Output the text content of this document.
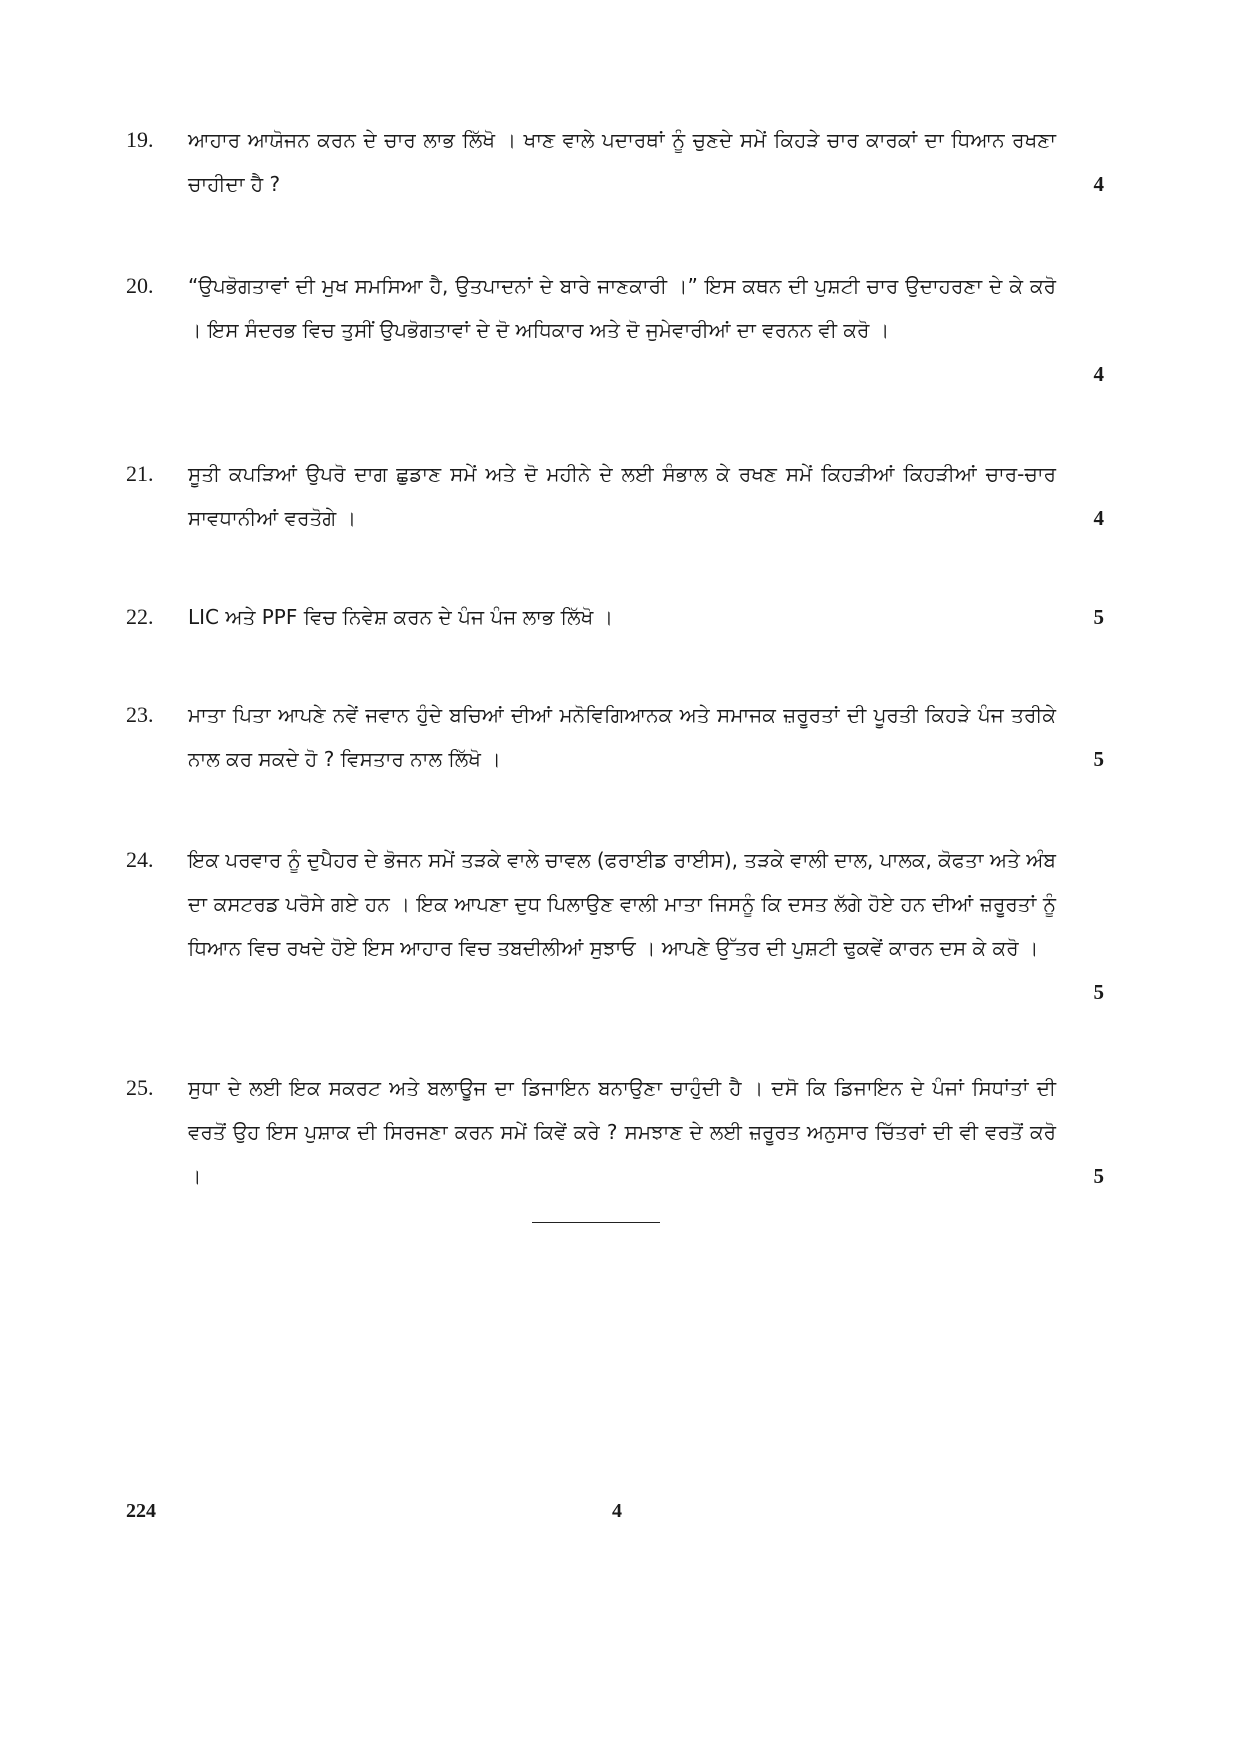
19. ਆਹਾਰ ਆਯੋਜਨ ਕਰਨ ਦੇ ਚਾਰ ਲਾਭ ਲਿੱਖੋ । ਖਾਣ ਵਾਲੇ ਪਦਾਰਥਾਂ ਨੂੰ ਚੁਣਦੇ ਸਮੇਂ ਕਿਹੜੇ ਚਾਰ ਕਾਰਕਾਂ ਦਾ ਧਿਆਨ ਰਖਣਾ ਚਾਹੀਦਾ ਹੈ ?	4
20. “ਉਪਭੋਗਤਾਵਾਂ ਦੀ ਮੁਖ ਸਮਸਿਆ ਹੈ, ਉਤਪਾਦਨਾਂ ਦੇ ਬਾਰੇ ਜਾਣਕਾਰੀ ।” ਇਸ ਕਥਨ ਦੀ ਪੁਸ਼ਟੀ ਚਾਰ ਉਦਾਹਰਣਾ ਦੇ ਕੇ ਕਰੋ । ਇਸ ਸੰਦਰਭ ਵਿਚ ਤੁਸੀਂ ਉਪਭੋਗਤਾਵਾਂ ਦੇ ਦੋ ਅਧਿਕਾਰ ਅਤੇ ਦੋ ਜੁਮੇਵਾਰੀਆਂ ਦਾ ਵਰਨਨ ਵੀ ਕਰੋ ।
4
21. ਸੂਤੀ ਕਪੜਿਆਂ ਉਪਰੋ ਦਾਗ ਛੁਡਾਣ ਸਮੇਂ ਅਤੇ ਦੋ ਮਹੀਨੇ ਦੇ ਲਈ ਸੰਭਾਲ ਕੇ ਰਖਣ ਸਮੇਂ ਕਿਹੜੀਆਂ ਕਿਹੜੀਆਂ ਚਾਰ-ਚਾਰ ਸਾਵਧਾਨੀਆਂ ਵਰਤੋਗੇ ।	4
22. LIC ਅਤੇ PPF ਵਿਚ ਨਿਵੇਸ਼ ਕਰਨ ਦੇ ਪੰਜ ਪੰਜ ਲਾਭ ਲਿੱਖੋ ।	5
23. ਮਾਤਾ ਪਿਤਾ ਆਪਣੇ ਨਵੇਂ ਜਵਾਨ ਹੁੰਦੇ ਬਚਿਆਂ ਦੀਆਂ ਮਨੋਵਿਗਿਆਨਕ ਅਤੇ ਸਮਾਜਕ ਜ਼ਰੂਰਤਾਂ ਦੀ ਪੂਰਤੀ ਕਿਹੜੇ ਪੰਜ ਤਰੀਕੇ ਨਾਲ ਕਰ ਸਕਦੇ ਹੋ ? ਵਿਸਤਾਰ ਨਾਲ ਲਿੱਖੋ ।	5
24. ਇਕ ਪਰਵਾਰ ਨੂੰ ਦੁਪੈਹਰ ਦੇ ਭੋਜਨ ਸਮੇਂ ਤੜਕੇ ਵਾਲੇ ਚਾਵਲ (ਫਰਾਈਡ ਰਾਈਸ), ਤੜਕੇ ਵਾਲੀ ਦਾਲ, ਪਾਲਕ, ਕੋਫਤਾ ਅਤੇ ਅੰਬ ਦਾ ਕਸਟਰਡ ਪਰੋਸੇ ਗਏ ਹਨ । ਇਕ ਆਪਣਾ ਦੁਧ ਪਿਲਾਉਣ ਵਾਲੀ ਮਾਤਾ ਜਿਸਨੂੰ ਕਿ ਦਸਤ ਲੱਗੇ ਹੋਏ ਹਨ ਦੀਆਂ ਜ਼ਰੂਰਤਾਂ ਨੂੰ ਧਿਆਨ ਵਿਚ ਰਖਦੇ ਹੋਏ ਇਸ ਆਹਾਰ ਵਿਚ ਤਬਦੀਲੀਆਂ ਸੁਝਾਓ । ਆਪਣੇ ਉੱਤਰ ਦੀ ਪੁਸ਼ਟੀ ਢੁਕਵੇਂ ਕਾਰਨ ਦਸ ਕੇ ਕਰੋ ।
5
25. ਸੁਧਾ ਦੇ ਲਈ ਇਕ ਸਕਰਟ ਅਤੇ ਬਲਾਊਜ ਦਾ ਡਿਜਾਇਨ ਬਨਾਉਣਾ ਚਾਹੁੰਦੀ ਹੈ । ਦਸੋ ਕਿ ਡਿਜਾਇਨ ਦੇ ਪੰਜਾਂ ਸਿਧਾਂਤਾਂ ਦੀ ਵਰਤੋਂ ਉਹ ਇਸ ਪੁਸ਼ਾਕ ਦੀ ਸਿਰਜਣਾ ਕਰਨ ਸਮੇਂ ਕਿਵੇਂ ਕਰੇ ? ਸਮਝਾਣ ਦੇ ਲਈ ਜ਼ਰੂਰਤ ਅਨੁਸਾਰ ਚਿੱਤਰਾਂ ਦੀ ਵੀ ਵਰਤੋਂ ਕਰੋ ।	5
224	4
